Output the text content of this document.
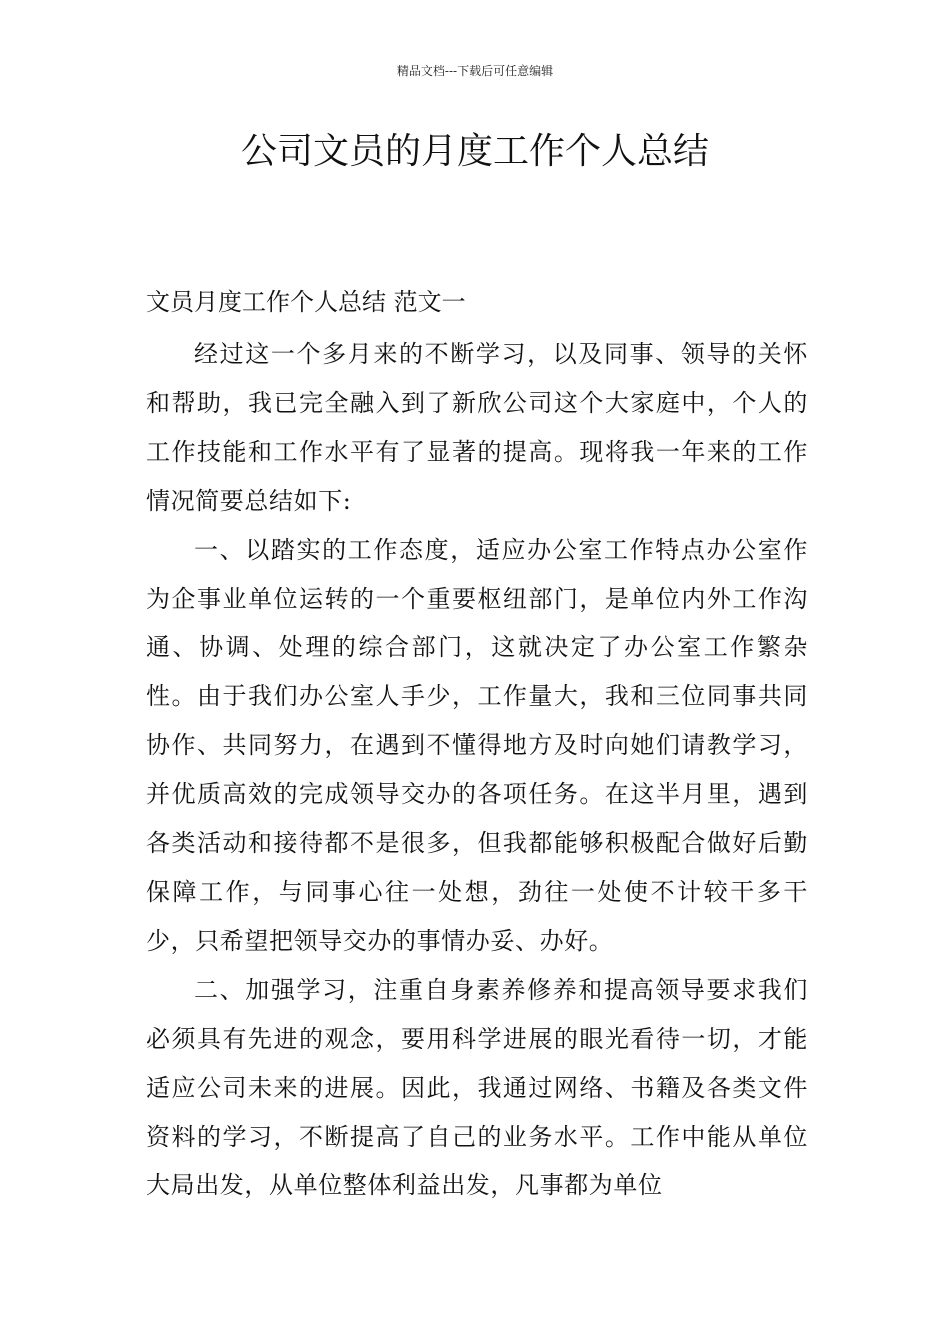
精品文档---下载后可任意编辑
公司文员的月度工作个人总结

文员月度工作个人总结 范文一

经过这一个多月来的不断学习，以及同事、领导的关怀和帮助，我已完全融入到了新欣公司这个大家庭中，个人的工作技能和工作水平有了显著的提高。现将我一年来的工作情况简要总结如下:

一、以踏实的工作态度，适应办公室工作特点办公室作为企事业单位运转的一个重要枢纽部门，是单位内外工作沟通、协调、处理的综合部门，这就决定了办公室工作繁杂性。由于我们办公室人手少，工作量大，我和三位同事共同协作、共同努力，在遇到不懂得地方及时向她们请教学习，并优质高效的完成领导交办的各项任务。在这半月里，遇到各类活动和接待都不是很多，但我都能够积极配合做好后勤保障工作，与同事心往一处想，劲往一处使不计较干多干少，只希望把领导交办的事情办妥、办好。

二、加强学习，注重自身素养修养和提高领导要求我们必须具有先进的观念，要用科学进展的眼光看待一切，才能适应公司未来的进展。因此，我通过网络、书籍及各类文件资料的学习，不断提高了自己的业务水平。工作中能从单位大局出发，从单位整体利益出发，凡事都为单位
